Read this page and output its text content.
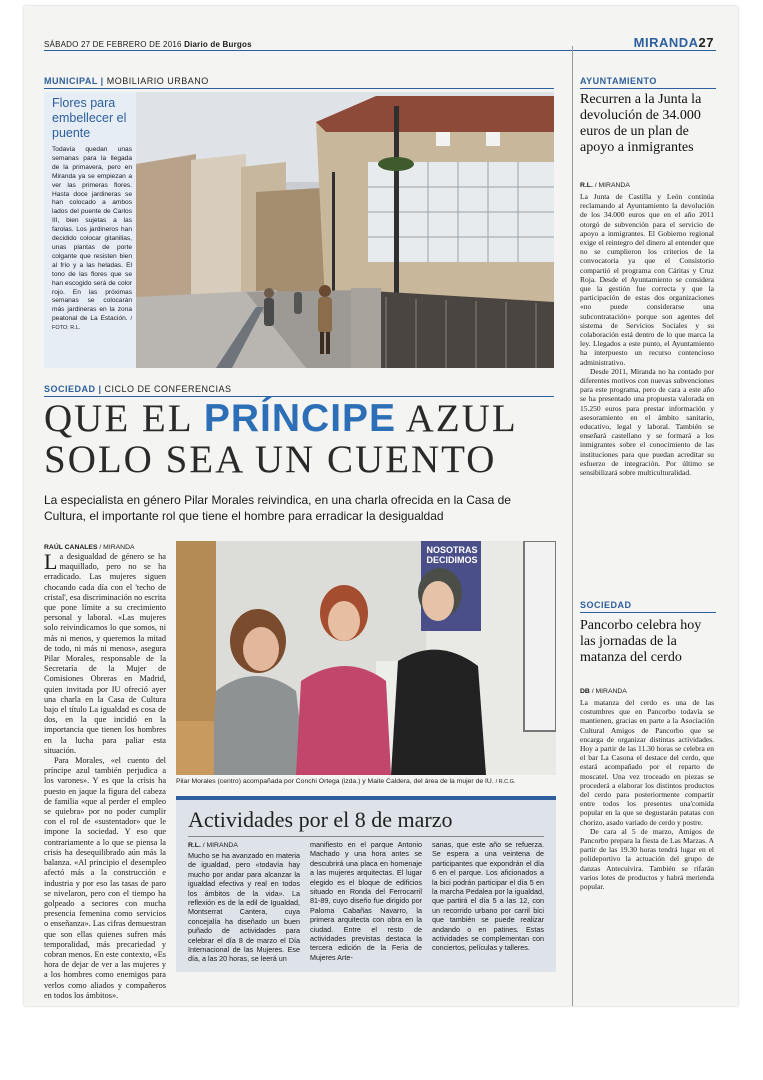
SÁBADO 27 DE FEBRERO DE 2016 Diario de Burgos	MIRANDA27
MUNICIPAL | MOBILIARIO URBANO
Flores para embellecer el puente
Todavía quedan unas semanas para la llegada de la primavera, pero en Miranda ya se empiezan a ver las primeras flores. Hasta doce jardineras se han colocado a ambos lados del puente de Carlos III, bien sujetas a las farolas. Los jardineros han decidido colocar gitanillas, unas plantas de porte colgante que resisten bien al frío y a las heladas. El tono de las flores que se han escogido será de color rojo. En las próximas semanas se colocarán más jardineras en la zona peatonal de La Estación. / FOTO: R.L.
SOCIEDAD | CICLO DE CONFERENCIAS
QUE EL PRÍNCIPE AZUL
SOLO SEA UN CUENTO
La especialista en género Pilar Morales reivindica, en una charla ofrecida en la Casa de Cultura, el importante rol que tiene el hombre para erradicar la desigualdad
RAÚL CANALES / MIRANDA
La desigualdad de género se ha maquillado, pero no se ha erradicado. Las mujeres siguen chocando cada día con el 'techo de cristal', esa discriminación no escrita que pone límite a su crecimiento personal y laboral. «Las mujeres solo reivindicamos lo que somos, ni más ni menos, y queremos la mitad de todo, ni más ni menos», asegura Pilar Morales, responsable de la Secretaría de la Mujer de Comisiones Obreras en Madrid, quien invitada por IU ofreció ayer una charla en la Casa de Cultura bajo el título La igualdad es cosa de dos, en la que incidió en la importancia que tienen los hombres en la lucha para paliar esta situación.
Para Morales, «el cuento del príncipe azul también perjudica a los varones». Y es que la crisis ha puesto en jaque la figura del cabeza de familia «que al perder el empleo se quiebra» por no poder cumplir con el rol de «sustentador» que le impone la sociedad. Y eso que contrariamente a lo que se piensa la crisis ha desequilibrado aún más la balanza. «Al principio el desempleo afectó más a la construcción e industria y por eso las tasas de paro se nivelaron, pero con el tiempo ha golpeado a sectores con mucha presencia femenina como servicios o enseñanza». Las cifras demuestran que son ellas quienes sufren más temporalidad, más precariedad y cobran menos. En este contexto, «Es hora de dejar de ver a las mujeres y a los hombres como enemigos para verlos como aliados y compañeros en todos los ámbitos».
NOSOTRAS DECIDIMOS
Pilar Morales (centro) acompañada por Conchi Ortega (izda.) y Maite Caldera, del área de la mujer de IU. / R.C.G.
Actividades por el 8 de marzo
R.L. / MIRANDA
Mucho se ha avanzado en materia de igualdad, pero «todavía hay mucho por andar para alcanzar la igualdad efectiva y real en todos los ámbitos de la vida». La reflexión es de la edil de Igualdad, Montserrat Cantera, cuya concejalía ha diseñado un buen puñado de actividades para celebrar el día 8 de marzo el Día Internacional de las Mujeres. Ese día, a las 20 horas, se leerá un
manifiesto en el parque Antonio Machado y una hora antes se descubrirá una placa en homenaje a las mujeres arquitectas. El lugar elegido es el bloque de edificios situado en Ronda del Ferrocarril 81-89, cuyo diseño fue dirigido por Paloma Cabañas Navarro, la primera arquitecta con obra en la ciudad. Entre el resto de actividades previstas destaca la tercera edición de la Feria de Mujeres Arte-
sanas, que este año se refuerza. Se espera a una veintena de participantes que expondrán el día 6 en el parque. Los aficionados a la bici podrán participar el día 5 en la marcha Pedalea por la igualdad, que partirá el día 5 a las 12, con un recorrido urbano por carril bici que también se puede realizar andando o en patines. Estas actividades se complementan con conciertos, películas y talleres.
AYUNTAMIENTO
Recurren a la Junta la devolución de 34.000 euros de un plan de apoyo a inmigrantes
R.L. / MIRANDA
La Junta de Castilla y León continúa reclamando al Ayuntamiento la devolución de los 34.000 euros que en el año 2011 otorgó de subvención para el servicio de apoyo a inmigrantes. El Gobierno regional exige el reintegro del dinero al entender que no se cumplieron los criterios de la convocatoria ya que el Consistorio compartió el programa con Cáritas y Cruz Roja. Desde el Ayuntamiento se considera que la gestión fue correcta y que la participación de estas dos organizaciones «no puede considerarse una subcontratación» porque son agentes del sistema de Servicios Sociales y su colaboración está dentro de lo que marca la ley. Llegados a este punto, el Ayuntamiento ha interpuesto un recurso contencioso administrativo.
Desde 2011, Miranda no ha contado por diferentes motivos con nuevas subvenciones para este programa, pero de cara a este año se ha presentado una propuesta valorada en 15.250 euros para prestar información y asesoramiento en el ámbito sanitario, educativo, legal y laboral. También se enseñará castellano y se formará a los inmigrantes sobre el conocimiento de las instituciones para que puedan acreditar su esfuerzo de integración. Por último se sensibilizará sobre multiculturalidad.
SOCIEDAD
Pancorbo celebra hoy las jornadas de la matanza del cerdo
DB / MIRANDA
La matanza del cerdo es una de las costumbres que en Pancorbo todavía se mantienen, gracias en parte a la Asociación Cultural Amigos de Pancorbo que se encarga de organizar distintas actividades. Hoy a partir de las 11.30 horas se celebra en el bar La Casona el destace del cerdo, que estará acompañado por el reparto de moscatel. Una vez troceado en piezas se procederá a elaborar los distintos productos del cerdo para posteriormente compartir entre todos los presentes una'comida popular en la que se degustarán patatas con chorizo, asado variado de cerdo y postre.
De cara al 5 de marzo, Amigos de Pancorbo prepara la fiesta de Las Marzas. A partir de las 19.30 horas tendrá lugar en el polideportivo la actuación del grupo de danzas Antecuivira. También se rifarán varios lotes de productos y habrá merienda popular.
